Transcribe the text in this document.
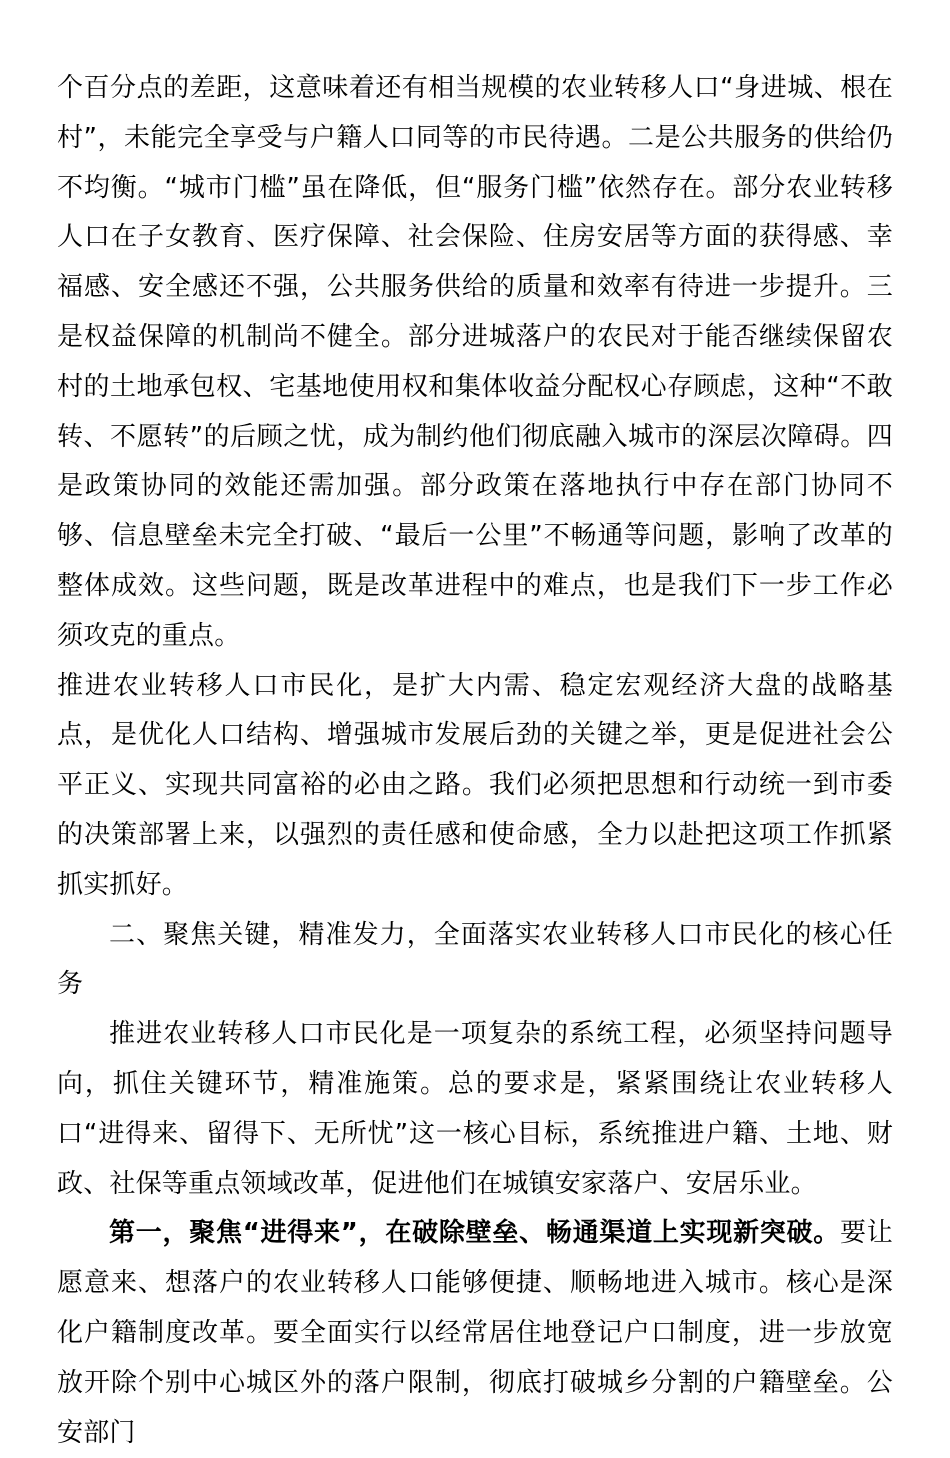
个百分点的差距，这意味着还有相当规模的农业转移人口“身进城、根在村”，未能完全享受与户籍人口同等的市民待遇。二是公共服务的供给仍不均衡。“城市门槛”虽在降低，但“服务门槛”依然存在。部分农业转移人口在子女教育、医疗保障、社会保险、住房安居等方面的获得感、幸福感、安全感还不强，公共服务供给的质量和效率有待进一步提升。三是权益保障的机制尚不健全。部分进城落户的农民对于能否继续保留农村的土地承包权、宅基地使用权和集体收益分配权心存顾虑，这种“不敢转、不愿转”的后顾之忧，成为制约他们彻底融入城市的深层次障碍。四是政策协同的效能还需加强。部分政策在落地执行中存在部门协同不够、信息壁垒未完全打破、“最后一公里”不畅通等问题，影响了改革的整体成效。这些问题，既是改革进程中的难点，也是我们下一步工作必须攻克的重点。

推进农业转移人口市民化，是扩大内需、稳定宏观经济大盘的战略基点，是优化人口结构、增强城市发展后劲的关键之举，更是促进社会公平正义、实现共同富裕的必由之路。我们必须把思想和行动统一到市委的决策部署上来，以强烈的责任感和使命感，全力以赴把这项工作抓紧抓实抓好。

二、聚焦关键，精准发力，全面落实农业转移人口市民化的核心任务

推进农业转移人口市民化是一项复杂的系统工程，必须坚持问题导向，抓住关键环节，精准施策。总的要求是，紧紧围绕让农业转移人口“进得来、留得下、无所忧”这一核心目标，系统推进户籍、土地、财政、社保等重点领域改革，促进他们在城镇安家落户、安居乐业。

第一，聚焦“进得来”，在破除壁垒、畅通渠道上实现新突破。要让愿意来、想落户的农业转移人口能够便捷、顺畅地进入城市。核心是深化户籍制度改革。要全面实行以经常居住地登记户口制度，进一步放宽放开除个别中心城区外的落户限制，彻底打破城乡分割的户籍壁垒。公安部门
